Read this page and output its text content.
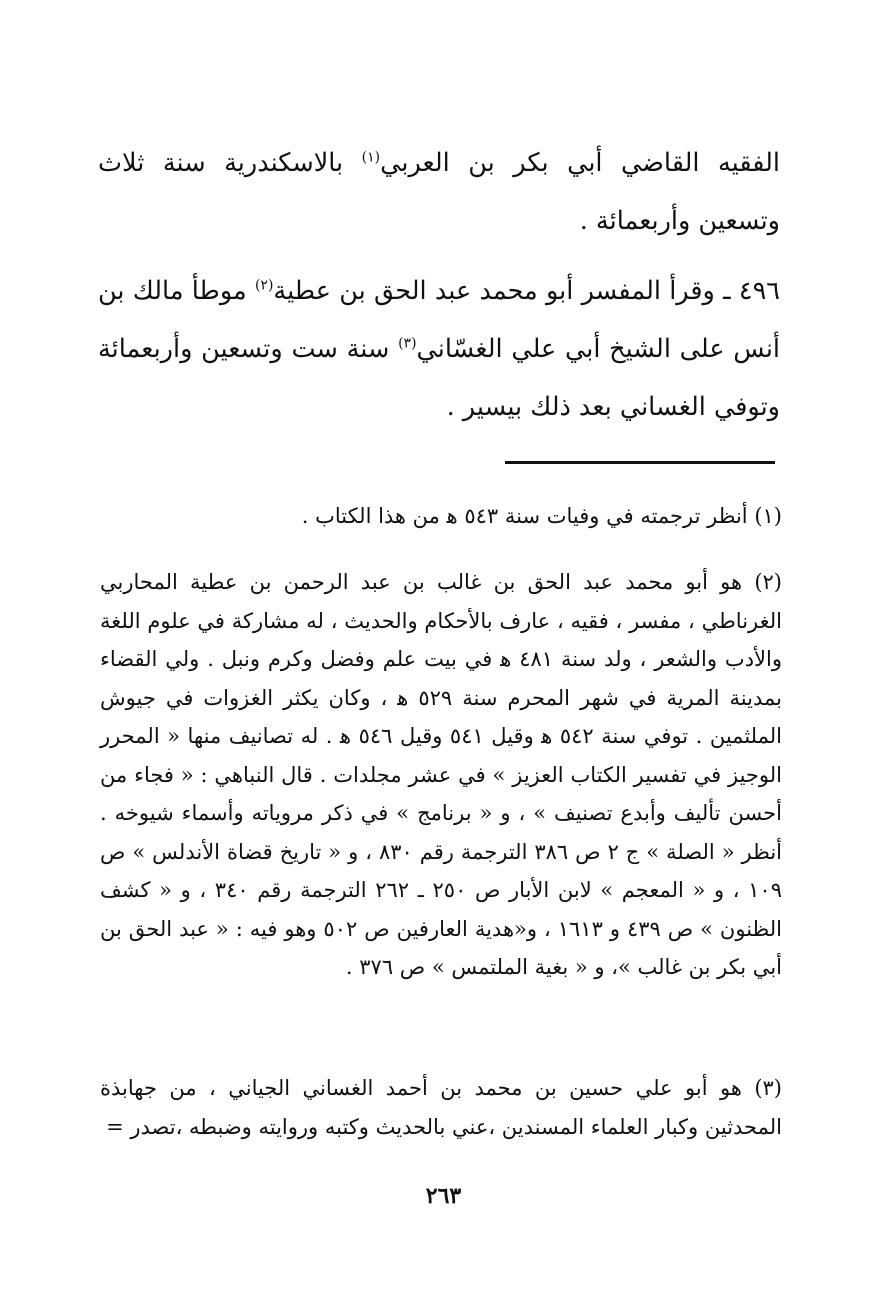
الفقيه القاضي أبي بكر بن العربي$^{(١)}$ بالاسكندرية سنة ثلاث وتسعين وأربعمائة .

٤٩٦ ـ وقرأ المفسر أبو محمد عبد الحق بن عطية$^{(٢)}$ موطأ مالك بن أنس على الشيخ أبي علي الغسّاني$^{(٣)}$ سنة ست وتسعين وأربعمائة وتوفي الغساني بعد ذلك بيسير .

(١) أنظر ترجمته في وفيات سنة ٥٤٣ ﻫ من هذا الكتاب .

(٢) هو أبو محمد عبد الحق بن غالب بن عبد الرحمن بن عطية المحاربي الغرناطي ، مفسر ، فقيه ، عارف بالأحكام والحديث ، له مشاركة في علوم اللغة والأدب والشعر ، ولد سنة ٤٨١ ﻫ في بيت علم وفضل وكرم ونبل . ولي القضاء بمدينة المرية في شهر المحرم سنة ٥٢٩ ﻫ ، وكان يكثر الغزوات في جيوش الملثمين . توفي سنة ٥٤٢ ﻫ وقيل ٥٤١ وقيل ٥٤٦ ﻫ . له تصانيف منها « المحرر الوجيز في تفسير الكتاب العزيز » في عشر مجلدات . قال النباهي : « فجاء من أحسن تأليف وأبدع تصنيف » ، و « برنامج » في ذكر مروياته وأسماء شيوخه . أنظر « الصلة » ج ٢ ص ٣٨٦ الترجمة رقم ٨٣٠ ، و « تاريخ قضاة الأندلس » ص ١٠٩ ، و « المعجم » لابن الأبار ص ٢٥٠ ـ ٢٦٢ الترجمة رقم ٣٤٠ ، و « كشف الظنون » ص ٤٣٩ و ١٦١٣ ، و«هدية العارفين ص ٥٠٢ وهو فيه : « عبد الحق بن أبي بكر بن غالب »، و « بغية الملتمس » ص ٣٧٦ .

(٣) هو أبو علي حسين بن محمد بن أحمد الغساني الجياني ، من جهابذة المحدثين وكبار العلماء المسندين ،عني بالحديث وكتبه وروايته وضبطه ،تصدر =

٢٦٣
